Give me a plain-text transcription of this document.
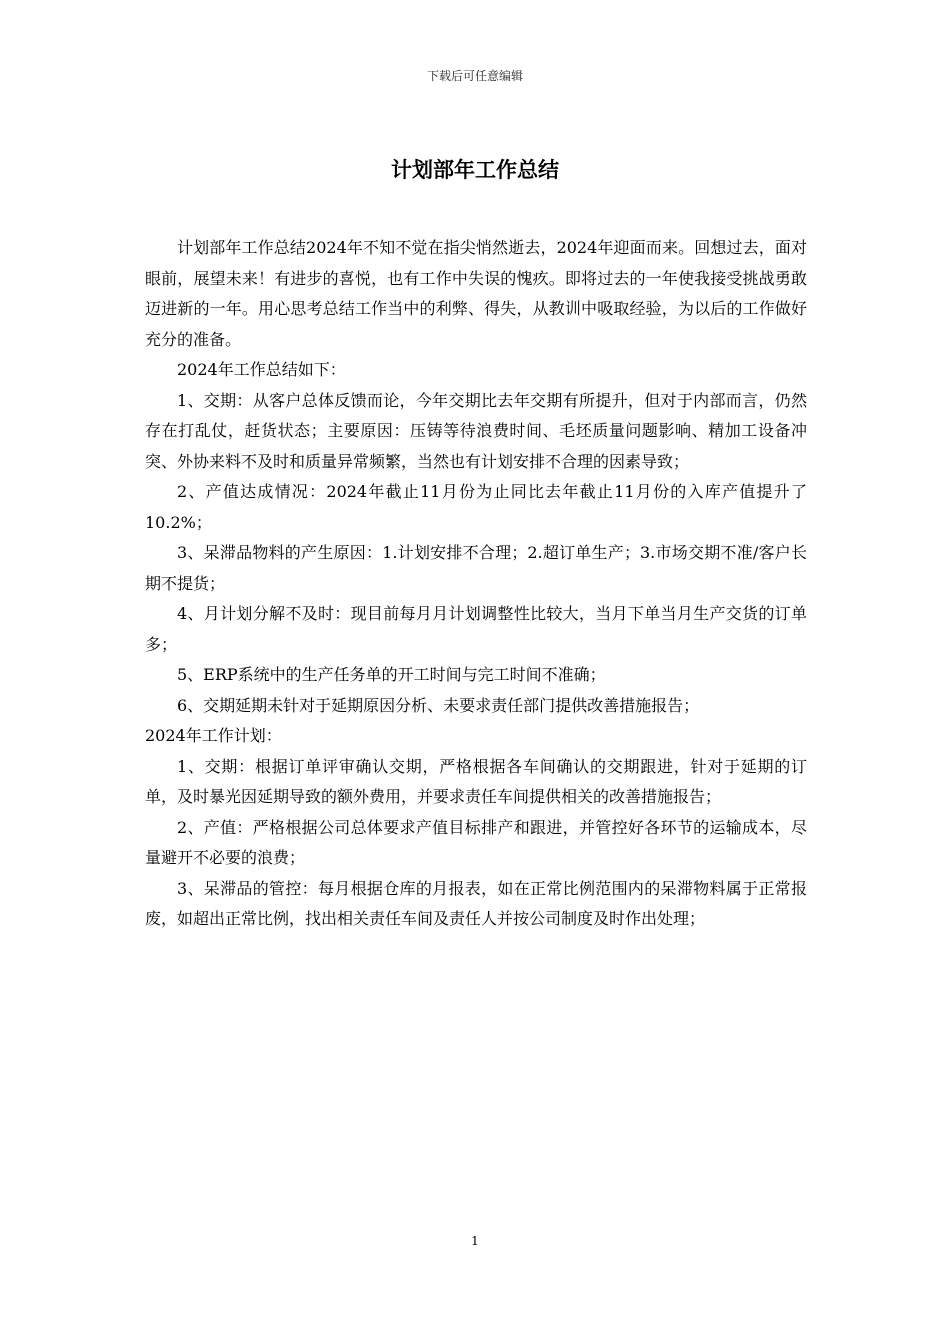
下载后可任意编辑
计划部年工作总结

计划部年工作总结2024年不知不觉在指尖悄然逝去，2024年迎面而来。回想过去，面对眼前，展望未来！有进步的喜悦，也有工作中失误的愧疚。即将过去的一年使我接受挑战勇敢迈进新的一年。用心思考总结工作当中的利弊、得失，从教训中吸取经验，为以后的工作做好充分的准备。

2024年工作总结如下：

1、交期：从客户总体反馈而论，今年交期比去年交期有所提升，但对于内部而言，仍然存在打乱仗，赶货状态；主要原因：压铸等待浪费时间、毛坯质量问题影响、精加工设备冲突、外协来料不及时和质量异常频繁，当然也有计划安排不合理的因素导致；

2、产值达成情况：2024年截止11月份为止同比去年截止11月份的入库产值提升了10.2%；

3、呆滞品物料的产生原因：1.计划安排不合理；2.超订单生产；3.市场交期不准/客户长期不提货；

4、月计划分解不及时：现目前每月月计划调整性比较大，当月下单当月生产交货的订单多；

5、ERP系统中的生产任务单的开工时间与完工时间不准确；

6、交期延期未针对于延期原因分析、未要求责任部门提供改善措施报告；

2024年工作计划：

1、交期：根据订单评审确认交期，严格根据各车间确认的交期跟进，针对于延期的订单，及时暴光因延期导致的额外费用，并要求责任车间提供相关的改善措施报告；

2、产值：严格根据公司总体要求产值目标排产和跟进，并管控好各环节的运输成本，尽量避开不必要的浪费；

3、呆滞品的管控：每月根据仓库的月报表，如在正常比例范围内的呆滞物料属于正常报废，如超出正常比例，找出相关责任车间及责任人并按公司制度及时作出处理；

1
